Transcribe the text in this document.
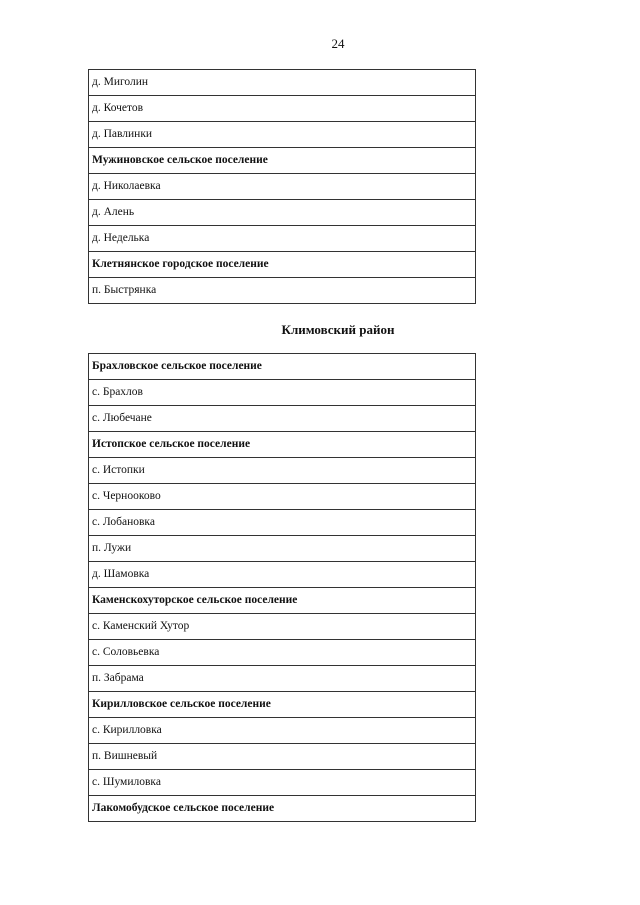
24
д. Миголин
д. Кочетов
д. Павлинки
Мужиновское сельское поселение
д. Николаевка
д. Алень
д. Неделька
Клетнянское городское поселение
п. Быстрянка
Климовский район
Брахловское сельское поселение
с. Брахлов
с. Любечане
Истопское сельское поселение
с. Истопки
с. Чернооково
с. Лобановка
п. Лужи
д. Шамовка
Каменскохуторское сельское поселение
с. Каменский Хутор
с. Соловьевка
п. Забрама
Кирилловское сельское поселение
с. Кирилловка
п. Вишневый
с. Шумиловка
Лакомобудское сельское поселение
